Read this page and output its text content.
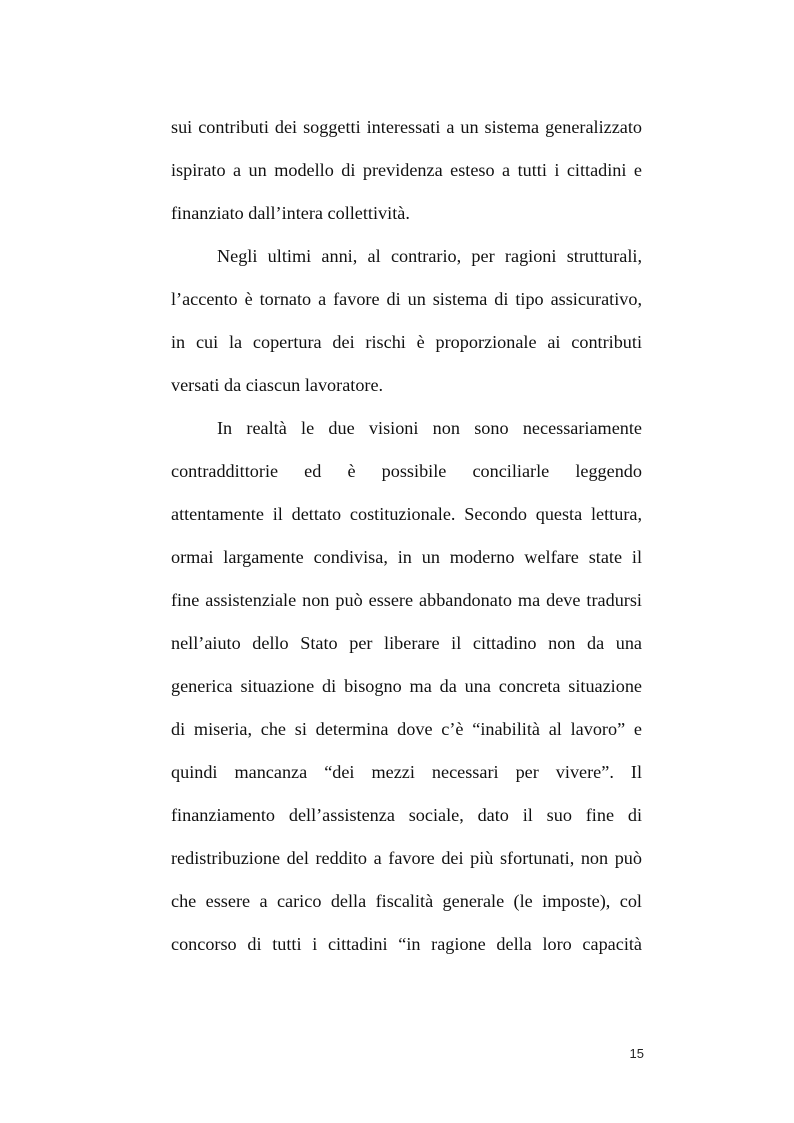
sui contributi dei soggetti interessati a un sistema generalizzato
ispirato a un modello di previdenza esteso a tutti i cittadini e
finanziato dall’intera collettività.
Negli ultimi anni, al contrario, per ragioni strutturali,
l’accento è tornato a favore di un sistema di tipo assicurativo,
in cui la copertura dei rischi è proporzionale ai contributi
versati da ciascun lavoratore.
In realtà le due visioni non sono necessariamente
contraddittorie ed è possibile conciliarle leggendo
attentamente il dettato costituzionale. Secondo questa lettura,
ormai largamente condivisa, in un moderno welfare state il
fine assistenziale non può essere abbandonato ma deve tradursi
nell’aiuto dello Stato per liberare il cittadino non da una
generica situazione di bisogno ma da una concreta situazione
di miseria, che si determina dove c’è “inabilità al lavoro” e
quindi mancanza “dei mezzi necessari per vivere”. Il
finanziamento dell’assistenza sociale, dato il suo fine di
redistribuzione del reddito a favore dei più sfortunati, non può
che essere a carico della fiscalità generale (le imposte), col
concorso di tutti i cittadini “in ragione della loro capacità
15
